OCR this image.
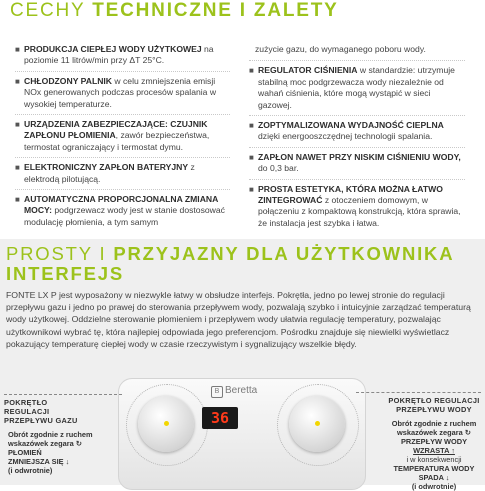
CECHY TECHNICZNE I ZALETY
■ PRODUKCJA CIEPŁEJ WODY UŻYTKOWEJ na poziomie 11 litrów/min przy ΔT 25°C.
■ CHŁODZONY PALNIK w celu zmniejszenia emisji NOx generowanych podczas procesów spalania w wysokiej temperaturze.
■ URZĄDZENIA ZABEZPIECZAJĄCE: CZUJNIK ZAPŁONU PŁOMIENIA, zawór bezpieczeństwa, termostat ograniczający i termostat dymu.
■ ELEKTRONICZNY ZAPŁON BATERYJNY z elektrodą pilotującą.
■ AUTOMATYCZNA PROPORCJONALNA ZMIANA MOCY: podgrzewacz wody jest w stanie dostosować modulację płomienia, a tym samym
zużycie gazu, do wymaganego poboru wody.
■ REGULATOR CIŚNIENIA w standardzie: utrzymuje stabilną moc podgrzewacza wody niezależnie od wahań ciśnienia, które mogą wystąpić w sieci gazowej.
■ ZOPTYMALIZOWANA WYDAJNOŚĆ CIEPLNA dzięki energooszczędnej technologii spalania.
■ ZAPŁON NAWET PRZY NISKIM CIŚNIENIU WODY, do 0,3 bar.
■ PROSTA ESTETYKA, KTÓRA MOŻNA ŁATWO ZINTEGROWAĆ z otoczeniem domowym, w połączeniu z kompaktową konstrukcją, która sprawia, że instalacja jest szybka i łatwa.
PROSTY I PRZYJAZNY DLA UŻYTKOWNIKA INTERFEJS
FONTE LX P jest wyposażony w niezwykle łatwy w obsłudze interfejs. Pokrętła, jedno po lewej stronie do regulacji przepływu gazu i jedno po prawej do sterowania przepływem wody, pozwalają szybko i intuicyjnie zarządzać temperaturą wody użytkowej. Oddzielne sterowanie płomieniem i przepływem wody ułatwia regulację temperatury, pozwalając użytkownikowi wybrać tę, która najlepiej odpowiada jego preferencjom. Pośrodku znajduje się niewielki wyświetlacz pokazujący temperaturę ciepłej wody w czasie rzeczywistym i sygnalizujący wszelkie błędy.
B Beretta
36
POKRĘTŁO REGULACJI PRZEPŁYWU GAZU
Obrót zgodnie z ruchem
wskazówek zegara ↻
PŁOMIEŃ
ZMNIEJSZA SIĘ ↓
(i odwrotnie)
POKRĘTŁO REGULACJI PRZEPŁYWU WODY
Obrót zgodnie z ruchem
wskazówek zegara ↻
PRZEPŁYW WODY
WZRASTA ↑
i w konsekwencji
TEMPERATURA WODY
SPADA ↓
(i odwrotnie)
